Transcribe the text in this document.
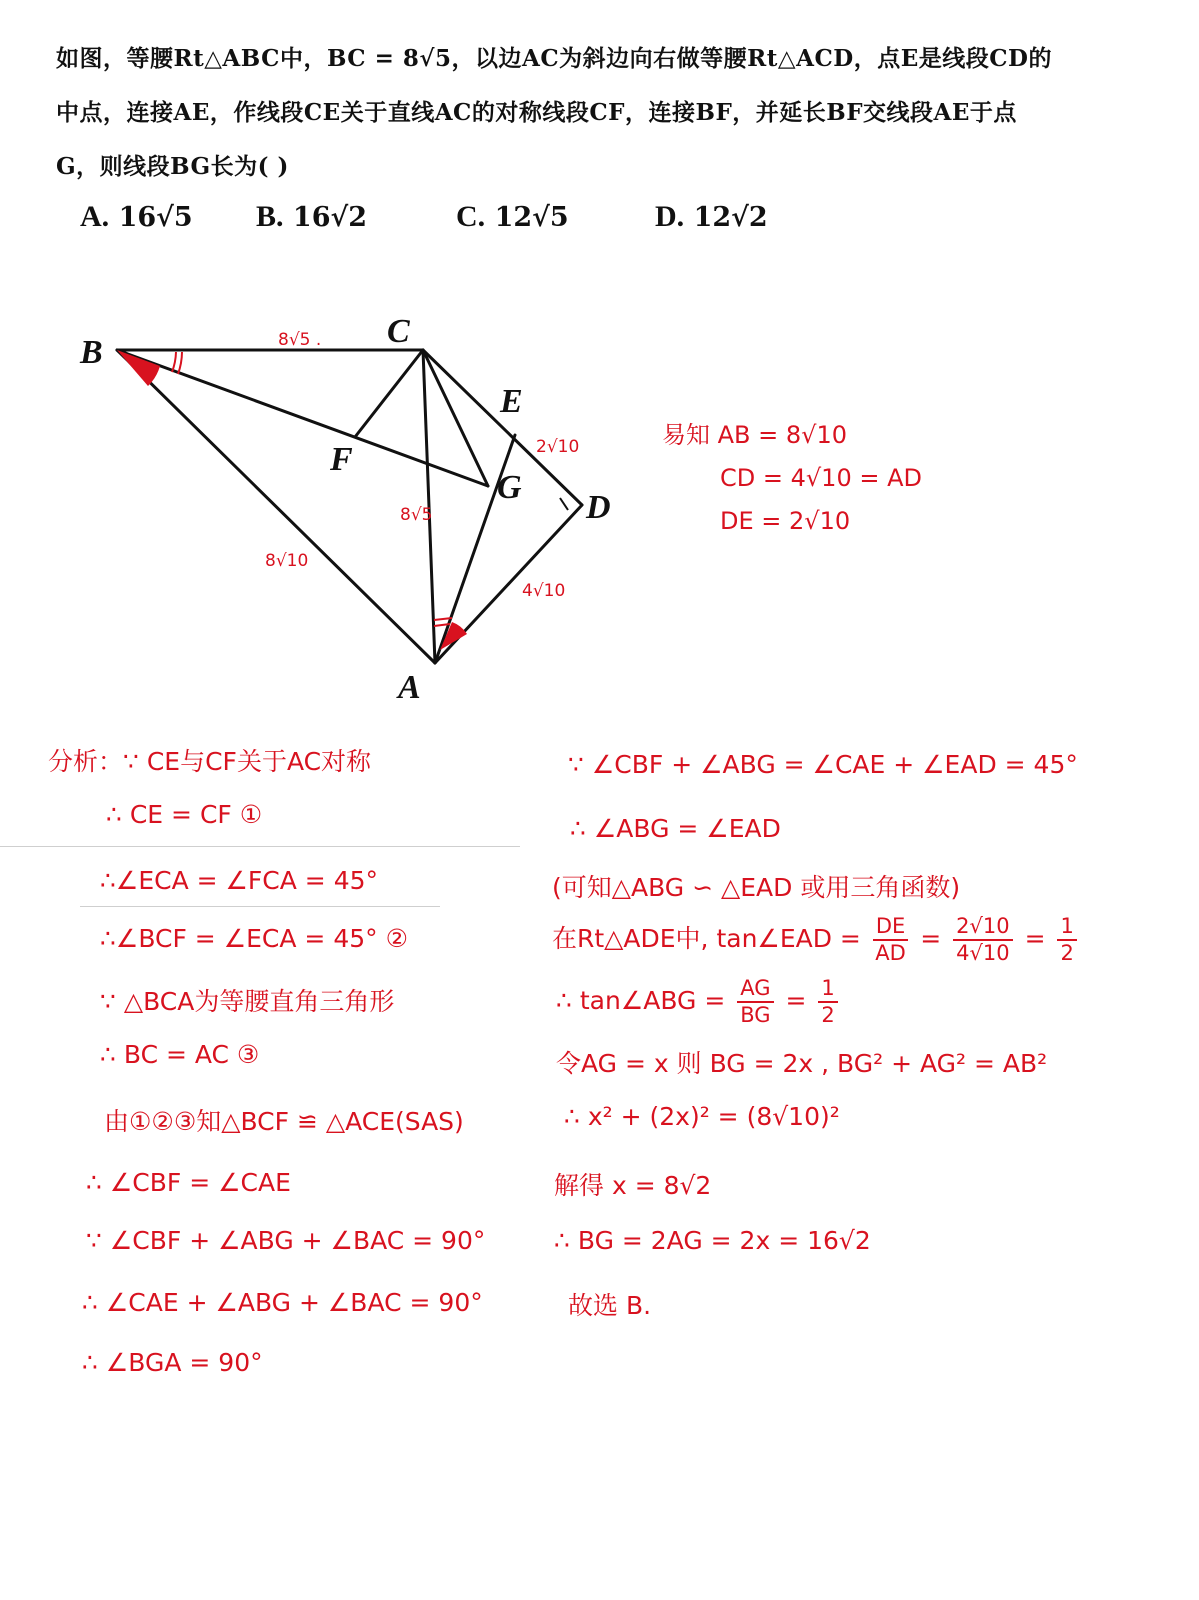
如图，等腰Rt△ABC中，BC = 8√5，以边AC为斜边向右做等腰Rt△ACD，点E是线段CD的
中点，连接AE，作线段CE关于直线AC的对称线段CF，连接BF，并延长BF交线段AE于点
G，则线段BG长为( )
A. 16√5 B. 16√2	C. 12√5	D. 12√2
B
C
E
F
G
D
A
8√5 .
8√5
8√10
2√10
4√10
易知 AB = 8√10
CD = 4√10 = AD
DE = 2√10
分析：∵ CE与CF关于AC对称
∴ CE = CF ①
∴∠ECA = ∠FCA = 45°
∴∠BCF = ∠ECA = 45° ②
∵ △BCA为等腰直角三角形
∴ BC = AC ③
由①②③知△BCF ≌ △ACE(SAS)
∴ ∠CBF = ∠CAE
∵ ∠CBF + ∠ABG + ∠BAC = 90°
∴ ∠CAE + ∠ABG + ∠BAC = 90°
∴ ∠BGA = 90°
∵ ∠CBF + ∠ABG = ∠CAE + ∠EAD = 45°
∴ ∠ABG = ∠EAD
(可知△ABG ∽ △EAD 或用三角函数)
在Rt△ADE中, tan∠EAD = $\frac{DE}{AD} = \frac{2√10}{4√10} = \frac{1}{2}$
∴ tan∠ABG = $\frac{AG}{BG} = \frac{1}{2}$
令AG = x 则 BG = 2x , BG² + AG² = AB²
∴ x² + (2x)² = (8√10)²
解得 x = 8√2
∴ BG = 2AG = 2x = 16√2
故选 B.
